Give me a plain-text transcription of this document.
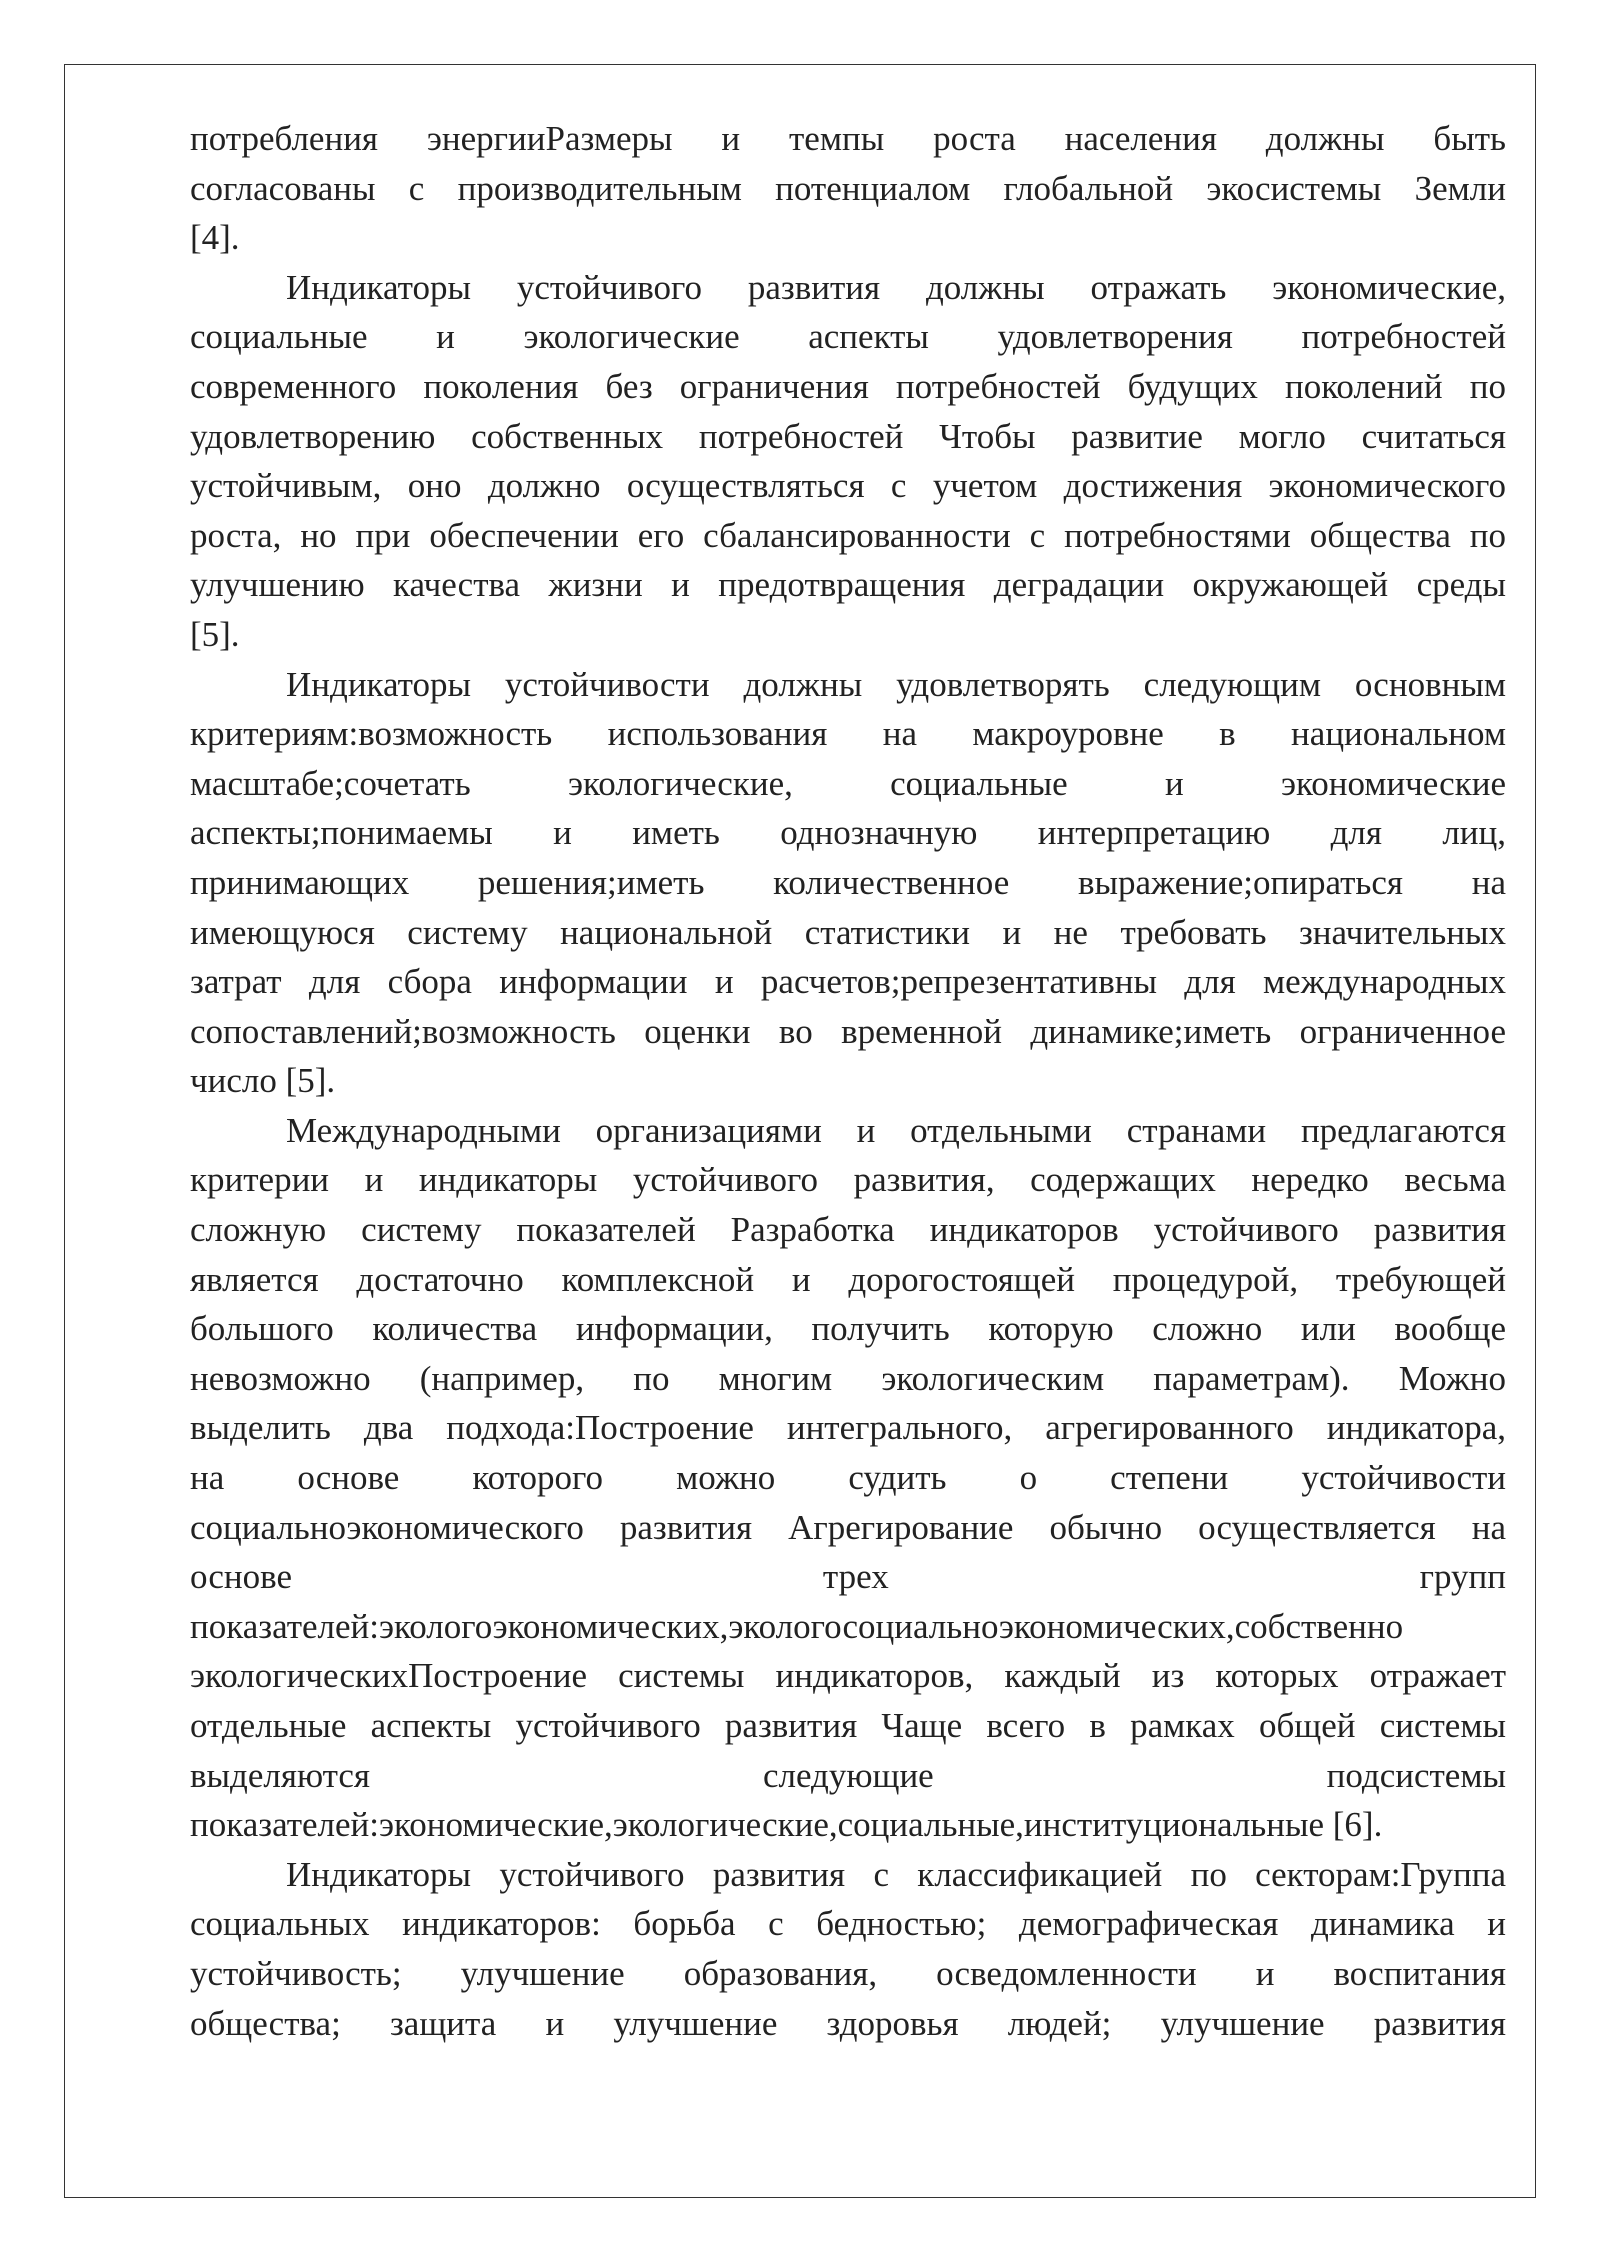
потребления энергииРазмеры и темпы роста населения должны быть
согласованы с производительным потенциалом глобальной экосистемы Земли
[4].
Индикаторы устойчивого развития должны отражать экономические,
социальные и экологические аспекты удовлетворения потребностей
современного поколения без ограничения потребностей будущих поколений по
удовлетворению собственных потребностей Чтобы развитие могло считаться
устойчивым, оно должно осуществляться с учетом достижения экономического
роста, но при обеспечении его сбалансированности с потребностями общества по
улучшению качества жизни и предотвращения деградации окружающей среды
[5].
Индикаторы устойчивости должны удовлетворять следующим основным
критериям:возможность использования на макроуровне в национальном
масштабе;сочетать экологические, социальные и экономические
аспекты;понимаемы и иметь однозначную интерпретацию для лиц,
принимающих решения;иметь количественное выражение;опираться на
имеющуюся систему национальной статистики и не требовать значительных
затрат для сбора информации и расчетов;репрезентативны для международных
сопоставлений;возможность оценки во временной динамике;иметь ограниченное
число [5].
Международными организациями и отдельными странами предлагаются
критерии и индикаторы устойчивого развития, содержащих нередко весьма
сложную систему показателей Разработка индикаторов устойчивого развития
является достаточно комплексной и дорогостоящей процедурой, требующей
большого количества информации, получить которую сложно или вообще
невозможно (например, по многим экологическим параметрам). Можно
выделить два подхода:Построение интегрального, агрегированного индикатора,
на основе которого можно судить о степени устойчивости
социальноэкономического развития Агрегирование обычно осуществляется на
основе трех групп
показателей:экологоэкономических,экологосоциальноэкономических,собственно
экологическихПостроение системы индикаторов, каждый из которых отражает
отдельные аспекты устойчивого развития Чаще всего в рамках общей системы
выделяются следующие подсистемы
показателей:экономические,экологические,социальные,институциональные [6].
Индикаторы устойчивого развития с классификацией по секторам:Группа
социальных индикаторов: борьба с бедностью; демографическая динамика и
устойчивость; улучшение образования, осведомленности и воспитания
общества; защита и улучшение здоровья людей; улучшение развития
